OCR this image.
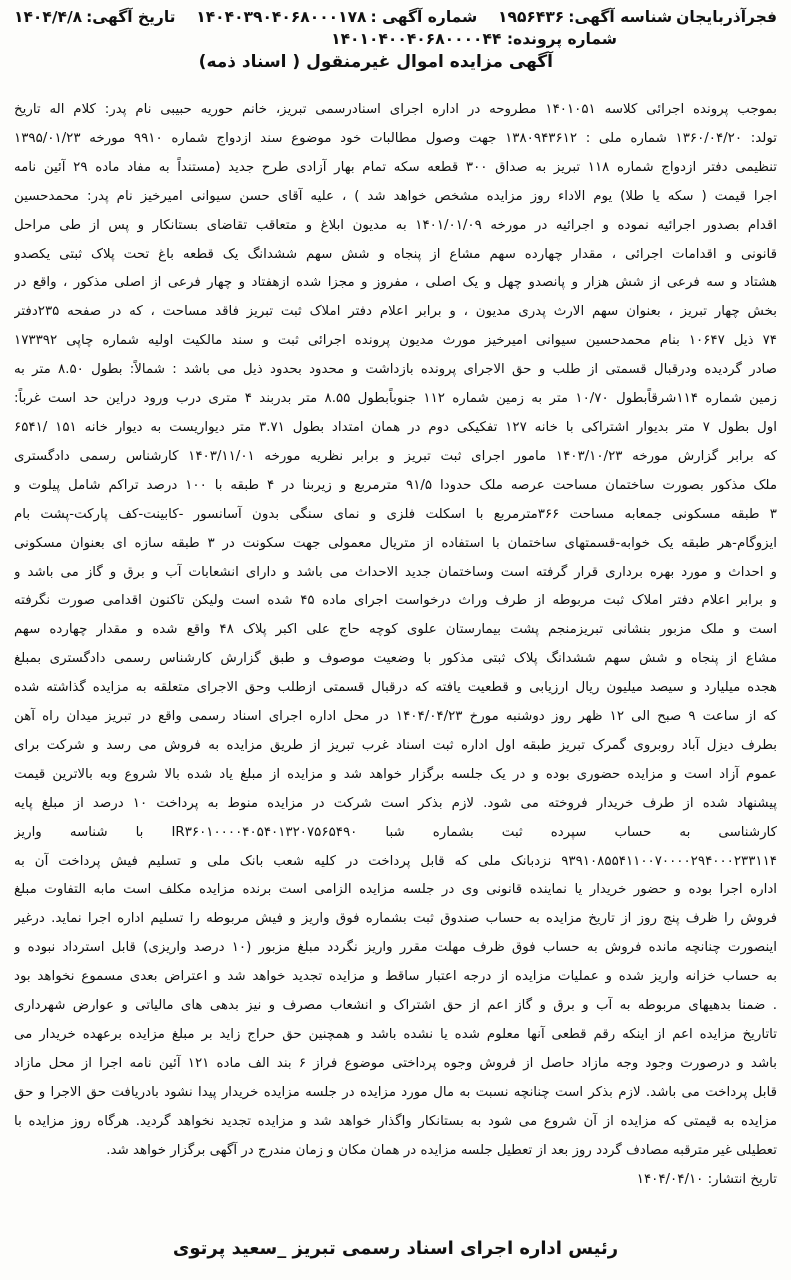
فجرآذربایجان
شناسه آگهی:
۱۹۵۶۴۳۶
شماره آگهی :
۱۴۰۴۰۳۹۰۴۰۶۸۰۰۰۱۷۸
تاریخ آگهی:
۱۴۰۴/۴/۸
شماره پرونده: ۱۴۰۱۰۴۰۰۴۰۶۸۰۰۰۰۴۴
آگهی مزایده اموال غیرمنقول ( اسناد ذمه)

بموجب پرونده اجرائی کلاسه ۱۴۰۱۰۵۱ مطروحه در اداره اجرای اسنادرسمی تبریز، خانم حوریه حبیبی نام پدر: کلام اله تاریخ

تولد: ۱۳۶۰/۰۴/۲۰ شماره ملی : ۱۳۸۰۹۴۳۶۱۲ جهت وصول مطالبات خود موضوع سند ازدواج شماره ۹۹۱۰ مورخه ۱۳۹۵/۰۱/۲۳

تنظیمی دفتر ازدواج شماره ۱۱۸ تبریز به صداق ۳۰۰ قطعه سکه تمام بهار آزادی طرح جدید (مستنداً به مفاد ماده ۲۹ آئین نامه

اجرا قیمت ( سکه یا طلا) یوم الاداء روز مزایده مشخص خواهد شد ) ، علیه آقای حسن سیوانی امیرخیز نام پدر: محمدحسین

اقدام بصدور اجرائیه نموده و اجرائیه در مورخه ۱۴۰۱/۰۱/۰۹ به مدیون ابلاغ و متعاقب تقاضای بستانکار و پس از طی مراحل

قانونی و اقدامات اجرائی ، مقدار چهارده سهم مشاع از پنجاه و شش سهم ششدانگ یک قطعه باغ تحت پلاک ثبتی یکصدو

هشتاد و سه فرعی از شش هزار و پانصدو چهل و یک اصلی ، مفروز و مجزا شده ازهفتاد و چهار فرعی از اصلی مذکور ، واقع در

بخش چهار تبریز ، بعنوان سهم الارث پدری مدیون ، و برابر اعلام دفتر املاک ثبت تبریز فاقد مساحت ، که در صفحه ۲۳۵دفتر

۷۴ ذیل ۱۰۶۴۷ بنام محمدحسین سیوانی امیرخیز مورث مدیون پرونده اجرائی ثبت و سند مالکیت اولیه شماره چاپی ۱۷۳۳۹۲

صادر گردیده ودرقبال قسمتی از طلب و حق الاجرای پرونده بازداشت و محدود بحدود ذیل می باشد : شمالاً: بطول ۸.۵۰ متر به

زمین شماره ۱۱۴شرقاًبطول ۱۰/۷۰ متر به زمین شماره ۱۱۲ جنوباًبطول ۸.۵۵ متر بدربند ۴ متری درب ورود دراین حد است غرباً:

اول بطول ۷ متر بدیوار اشتراکی با خانه ۱۲۷ تفکیکی دوم در همان امتداد بطول ۳.۷۱ متر دیواریست به دیوار خانه ۱۵۱ /۶۵۴۱

که برابر گزارش مورخه ۱۴۰۳/۱۰/۲۳ مامور اجرای ثبت تبریز و برابر نظریه مورخه ۱۴۰۳/۱۱/۰۱ کارشناس رسمی دادگستری

ملک مذکور بصورت ساختمان مساحت عرصه ملک حدودا ۹۱/۵ مترمربع و زیربنا در ۴ طبقه با ۱۰۰ درصد تراکم شامل پیلوت و

۳ طبقه مسکونی جمعابه مساحت ۳۶۶مترمربع با اسکلت فلزی و نمای سنگی بدون آسانسور -کابینت-کف پارکت-پشت بام

ایزوگام-هر طبقه یک خوابه-قسمتهای ساختمان با استفاده از متریال معمولی جهت سکونت در ۳ طبقه سازه ای بعنوان مسکونی

و احداث و مورد بهره برداری قرار گرفته است وساختمان جدید الاحداث می باشد و دارای انشعابات آب و برق و گاز می باشد و

و برابر اعلام دفتر املاک ثبت مربوطه از طرف وراث درخواست اجرای ماده ۴۵ شده است ولیکن تاکنون اقدامی صورت نگرفته

است و ملک مزبور بنشانی تبریزمنجم پشت بیمارستان علوی کوچه حاج علی اکبر پلاک ۴۸ واقع شده و مقدار چهارده سهم

مشاع از پنجاه و شش سهم ششدانگ پلاک ثبتی مذکور با وضعیت موصوف و طبق گزارش کارشناس رسمی دادگستری بمبلغ

هجده میلیارد و سیصد میلیون ریال ارزیابی و قطعیت یافته که درقبال قسمتی ازطلب وحق الاجرای متعلقه به مزایده گذاشته شده

که از ساعت ۹ صبح الی ۱۲ ظهر روز دوشنبه مورخ ۱۴۰۴/۰۴/۲۳ در محل اداره اجرای اسناد رسمی واقع در تبریز میدان راه آهن

بطرف دیزل آباد روبروی گمرک تبریز طبقه اول اداره ثبت اسناد غرب تبریز از طریق مزایده به فروش می رسد و شرکت برای

عموم آزاد است و مزایده حضوری بوده و در یک جلسه برگزار خواهد شد و مزایده از مبلغ یاد شده بالا شروع وبه بالاترین قیمت

پیشنهاد شده از طرف خریدار فروخته می شود. لازم بذکر است شرکت در مزایده منوط به پرداخت ۱۰ درصد از مبلغ پایه

کارشناسی به حساب سپرده ثبت بشماره شبا IR۳۶۰۱۰۰۰۰۴۰۵۴۰۱۳۲۰۷۵۶۵۴۹۰ با شناسه واریز

۹۳۹۱۰۸۵۵۴۱۱۰۰۷۰۰۰۰۲۹۴۰۰۰۲۳۳۱۱۴ نزدبانک ملی که قابل پرداخت در کلیه شعب بانک ملی و تسلیم فیش پرداخت آن به

اداره اجرا بوده و حضور خریدار یا نماینده قانونی وی در جلسه مزایده الزامی است برنده مزایده مکلف است مابه التفاوت مبلغ

فروش را ظرف پنج روز از تاریخ مزایده به حساب صندوق ثبت بشماره فوق واریز و فیش مربوطه را تسلیم اداره اجرا نماید. درغیر

اینصورت چنانچه مانده فروش به حساب فوق ظرف مهلت مقرر واریز نگردد مبلغ مزبور (۱۰ درصد واریزی) قابل استرداد نبوده و

به حساب خزانه واریز شده و عملیات مزایده از درجه اعتبار ساقط و مزایده تجدید خواهد شد و اعتراض بعدی مسموع نخواهد بود

. ضمنا بدهیهای مربوطه به آب و برق و گاز اعم از حق اشتراک و انشعاب مصرف و نیز بدهی های مالیاتی و عوارض شهرداری

تاتاریخ مزایده اعم از اینکه رقم قطعی آنها معلوم شده یا نشده باشد و همچنین حق حراج زاید بر مبلغ مزایده برعهده خریدار می

باشد و درصورت وجود وجه مازاد حاصل از فروش وجوه پرداختی موضوع فراز ۶ بند الف ماده ۱۲۱ آئین نامه اجرا از محل مازاد

قابل پرداخت می باشد. لازم بذکر است چنانچه نسبت به مال مورد مزایده در جلسه مزایده خریدار پیدا نشود بادریافت حق الاجرا و حق

مزایده به قیمتی که مزایده از آن شروع می شود به بستانکار واگذار خواهد شد و مزایده تجدید نخواهد گردید. هرگاه روز مزایده با

تعطیلی غیر مترقبه مصادف گردد روز بعد از تعطیل جلسه مزایده در همان مکان و زمان مندرج در آگهی برگزار خواهد شد.

تاریخ انتشار: ۱۴۰۴/۰۴/۱۰

رئیس اداره اجرای اسناد رسمی تبریز _سعید پرتوی
